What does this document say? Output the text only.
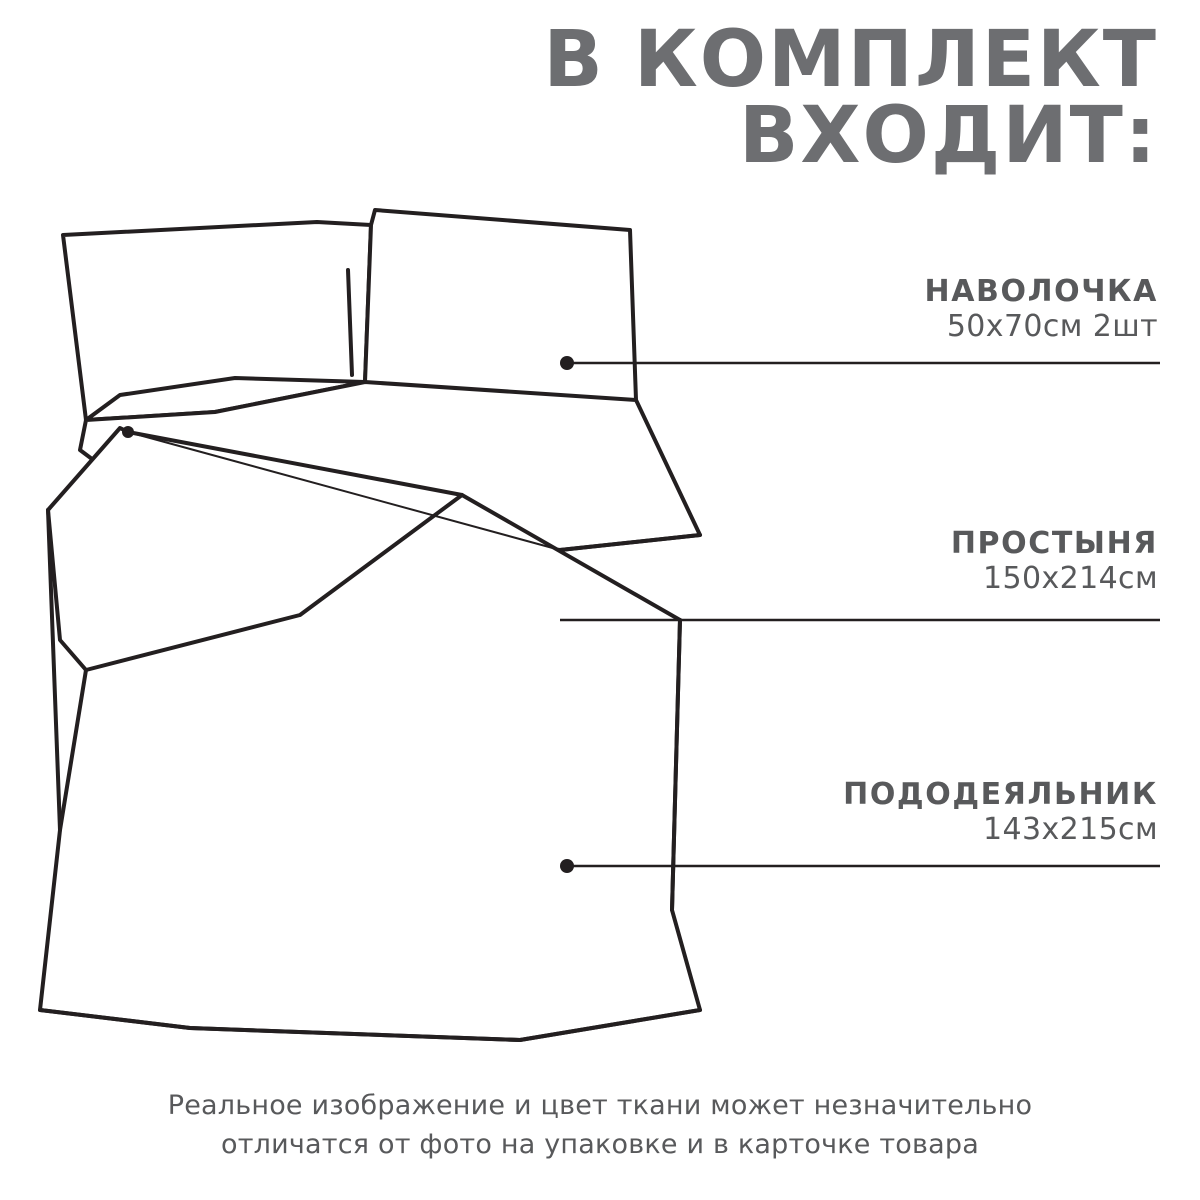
В КОМПЛЕКТ
ВХОДИТ:
НАВОЛОЧКА
50х70см 2шт
ПРОСТЫНЯ
150х214см
ПОДОДЕЯЛЬНИК
143х215см
Реальное изображение и цвет ткани может незначительно
отличатся от фото на упаковке и в карточке товара
